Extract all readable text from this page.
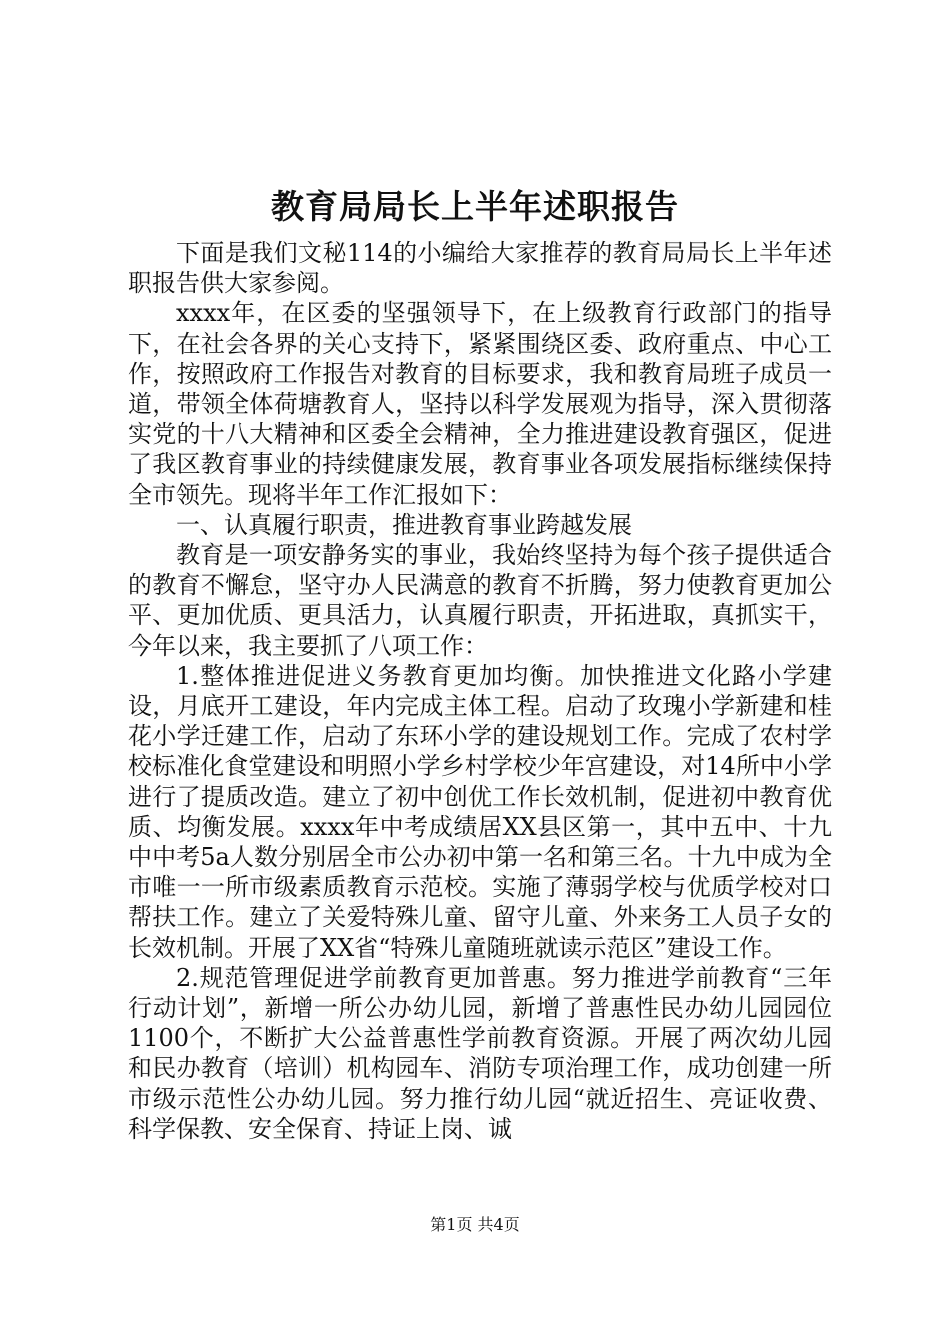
教育局局长上半年述职报告

下面是我们文秘114的小编给大家推荐的教育局局长上半年述职报告供大家参阅。

xxxx年，在区委的坚强领导下，在上级教育行政部门的指导下，在社会各界的关心支持下，紧紧围绕区委、政府重点、中心工作，按照政府工作报告对教育的目标要求，我和教育局班子成员一道，带领全体荷塘教育人，坚持以科学发展观为指导，深入贯彻落实党的十八大精神和区委全会精神，全力推进建设教育强区，促进了我区教育事业的持续健康发展，教育事业各项发展指标继续保持全市领先。现将半年工作汇报如下：

一、认真履行职责，推进教育事业跨越发展

教育是一项安静务实的事业，我始终坚持为每个孩子提供适合的教育不懈怠，坚守办人民满意的教育不折腾，努力使教育更加公平、更加优质、更具活力，认真履行职责，开拓进取，真抓实干，今年以来，我主要抓了八项工作：

1.整体推进促进义务教育更加均衡。加快推进文化路小学建设，月底开工建设，年内完成主体工程。启动了玫瑰小学新建和桂花小学迁建工作，启动了东环小学的建设规划工作。完成了农村学校标准化食堂建设和明照小学乡村学校少年宫建设，对14所中小学进行了提质改造。建立了初中创优工作长效机制，促进初中教育优质、均衡发展。xxxx年中考成绩居XX县区第一，其中五中、十九中中考5a人数分别居全市公办初中第一名和第三名。十九中成为全市唯一一所市级素质教育示范校。实施了薄弱学校与优质学校对口帮扶工作。建立了关爱特殊儿童、留守儿童、外来务工人员子女的长效机制。开展了XX省“特殊儿童随班就读示范区”建设工作。

2.规范管理促进学前教育更加普惠。努力推进学前教育“三年行动计划”，新增一所公办幼儿园，新增了普惠性民办幼儿园园位1100个，不断扩大公益普惠性学前教育资源。开展了两次幼儿园和民办教育（培训）机构园车、消防专项治理工作，成功创建一所市级示范性公办幼儿园。努力推行幼儿园“就近招生、亮证收费、科学保教、安全保育、持证上岗、诚

第1页 共4页
